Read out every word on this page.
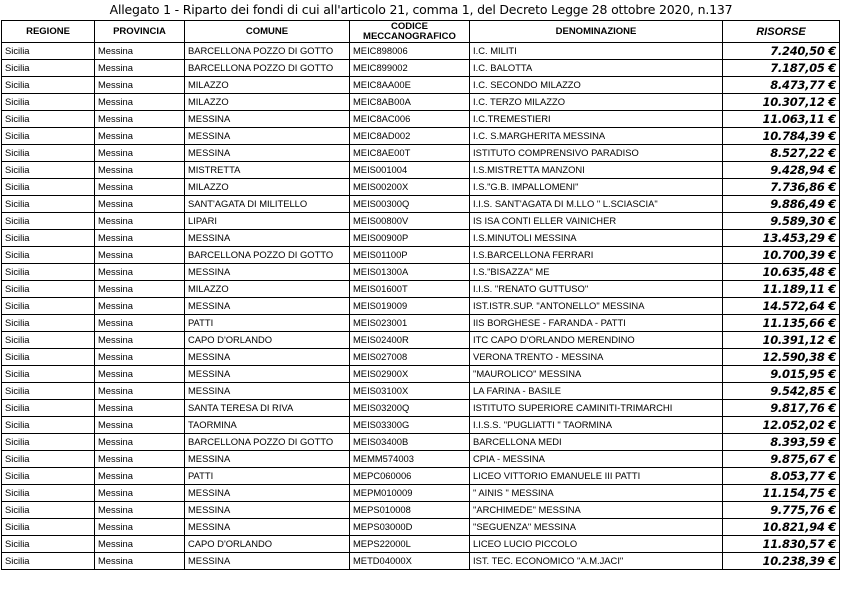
Allegato 1 - Riparto dei fondi di cui all'articolo 21, comma 1, del Decreto Legge 28 ottobre 2020, n.137
REGIONE	PROVINCIA	COMUNE	CODICE MECCANOGRAFICO	DENOMINAZIONE	RISORSE
Sicilia	Messina	BARCELLONA POZZO DI GOTTO	MEIC898006	I.C. MILITI	7.240,50 €
Sicilia	Messina	BARCELLONA POZZO DI GOTTO	MEIC899002	I.C. BALOTTA	7.187,05 €
Sicilia	Messina	MILAZZO	MEIC8AA00E	I.C. SECONDO MILAZZO	8.473,77 €
Sicilia	Messina	MILAZZO	MEIC8AB00A	I.C. TERZO MILAZZO	10.307,12 €
Sicilia	Messina	MESSINA	MEIC8AC006	I.C.TREMESTIERI	11.063,11 €
Sicilia	Messina	MESSINA	MEIC8AD002	I.C. S.MARGHERITA MESSINA	10.784,39 €
Sicilia	Messina	MESSINA	MEIC8AE00T	ISTITUTO COMPRENSIVO PARADISO	8.527,22 €
Sicilia	Messina	MISTRETTA	MEIS001004	I.S.MISTRETTA MANZONI	9.428,94 €
Sicilia	Messina	MILAZZO	MEIS00200X	I.S."G.B. IMPALLOMENI"	7.736,86 €
Sicilia	Messina	SANT'AGATA DI MILITELLO	MEIS00300Q	I.I.S. SANT'AGATA DI M.LLO " L.SCIASCIA"	9.886,49 €
Sicilia	Messina	LIPARI	MEIS00800V	IS ISA CONTI ELLER VAINICHER	9.589,30 €
Sicilia	Messina	MESSINA	MEIS00900P	I.S.MINUTOLI MESSINA	13.453,29 €
Sicilia	Messina	BARCELLONA POZZO DI GOTTO	MEIS01100P	I.S.BARCELLONA FERRARI	10.700,39 €
Sicilia	Messina	MESSINA	MEIS01300A	I.S."BISAZZA" ME	10.635,48 €
Sicilia	Messina	MILAZZO	MEIS01600T	I.I.S. "RENATO GUTTUSO"	11.189,11 €
Sicilia	Messina	MESSINA	MEIS019009	IST.ISTR.SUP. "ANTONELLO" MESSINA	14.572,64 €
Sicilia	Messina	PATTI	MEIS023001	IIS BORGHESE - FARANDA - PATTI	11.135,66 €
Sicilia	Messina	CAPO D'ORLANDO	MEIS02400R	ITC CAPO D'ORLANDO MERENDINO	10.391,12 €
Sicilia	Messina	MESSINA	MEIS027008	VERONA TRENTO - MESSINA	12.590,38 €
Sicilia	Messina	MESSINA	MEIS02900X	"MAUROLICO" MESSINA	9.015,95 €
Sicilia	Messina	MESSINA	MEIS03100X	LA FARINA - BASILE	9.542,85 €
Sicilia	Messina	SANTA TERESA DI RIVA	MEIS03200Q	ISTITUTO SUPERIORE CAMINITI-TRIMARCHI	9.817,76 €
Sicilia	Messina	TAORMINA	MEIS03300G	I.I.S.S. "PUGLIATTI " TAORMINA	12.052,02 €
Sicilia	Messina	BARCELLONA POZZO DI GOTTO	MEIS03400B	BARCELLONA MEDI	8.393,59 €
Sicilia	Messina	MESSINA	MEMM574003	CPIA - MESSINA	9.875,67 €
Sicilia	Messina	PATTI	MEPC060006	LICEO VITTORIO EMANUELE III PATTI	8.053,77 €
Sicilia	Messina	MESSINA	MEPM010009	" AINIS " MESSINA	11.154,75 €
Sicilia	Messina	MESSINA	MEPS010008	"ARCHIMEDE" MESSINA	9.775,76 €
Sicilia	Messina	MESSINA	MEPS03000D	"SEGUENZA" MESSINA	10.821,94 €
Sicilia	Messina	CAPO D'ORLANDO	MEPS22000L	LICEO LUCIO PICCOLO	11.830,57 €
Sicilia	Messina	MESSINA	METD04000X	IST. TEC. ECONOMICO "A.M.JACI"	10.238,39 €
